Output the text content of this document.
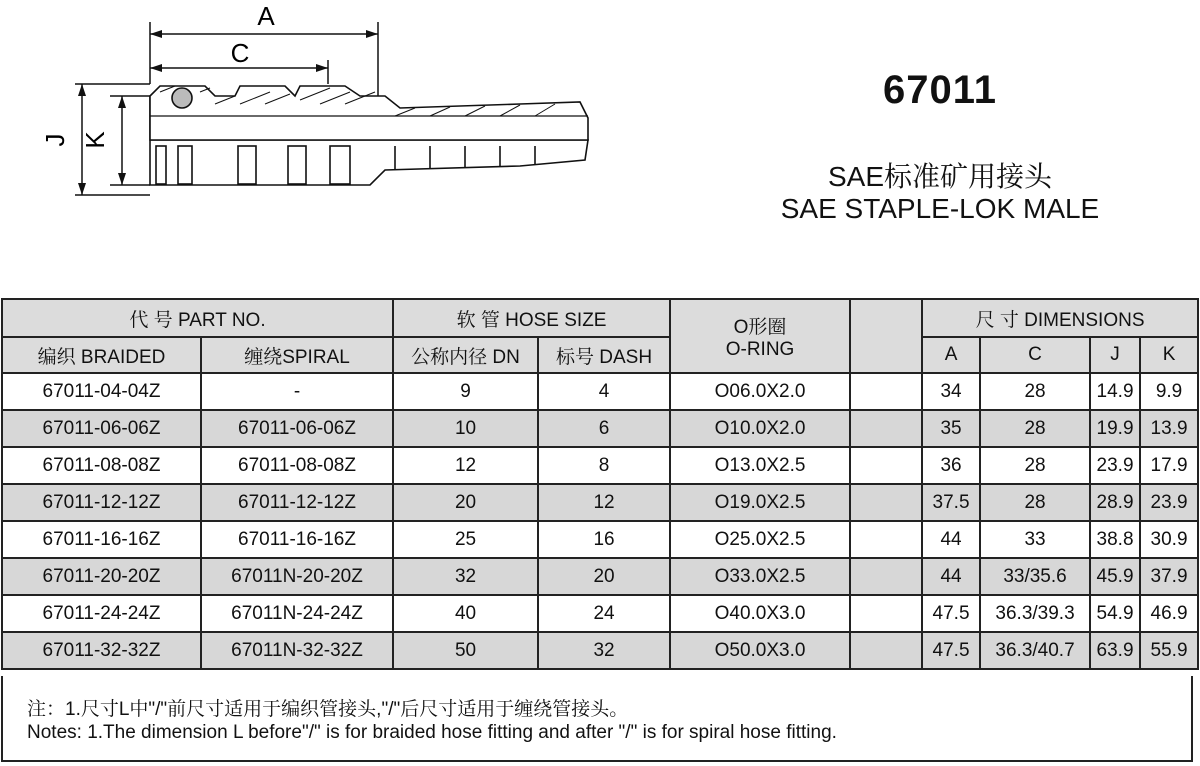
A
C
J K
67011
SAE标准矿用接头
SAE STAPLE-LOK MALE
代 号 PART NO.		软 管 HOSE SIZE		O形圈
O-RING		尺 寸 DIMENSIONS			
编织 BRAIDED	缠绕SPIRAL	公称内径 DN	标号 DASH			A	C	J	K
67011-04-04Z	-	9	4	O06.0X2.0		34	28	14.9	9.9
67011-06-06Z	67011-06-06Z	10	6	O10.0X2.0		35	28	19.9	13.9
67011-08-08Z	67011-08-08Z	12	8	O13.0X2.5		36	28	23.9	17.9
67011-12-12Z	67011-12-12Z	20	12	O19.0X2.5		37.5	28	28.9	23.9
67011-16-16Z	67011-16-16Z	25	16	O25.0X2.5		44	33	38.8	30.9
67011-20-20Z	67011N-20-20Z	32	20	O33.0X2.5		44	33/35.6	45.9	37.9
67011-24-24Z	67011N-24-24Z	40	24	O40.0X3.0		47.5	36.3/39.3	54.9	46.9
67011-32-32Z	67011N-32-32Z	50	32	O50.0X3.0		47.5	36.3/40.7	63.9	55.9
注：1.尺寸L中"/"前尺寸适用于编织管接头,"/"后尺寸适用于缠绕管接头。
Notes: 1.The dimension L before"/" is for braided hose fitting and after "/" is for spiral hose fitting.
